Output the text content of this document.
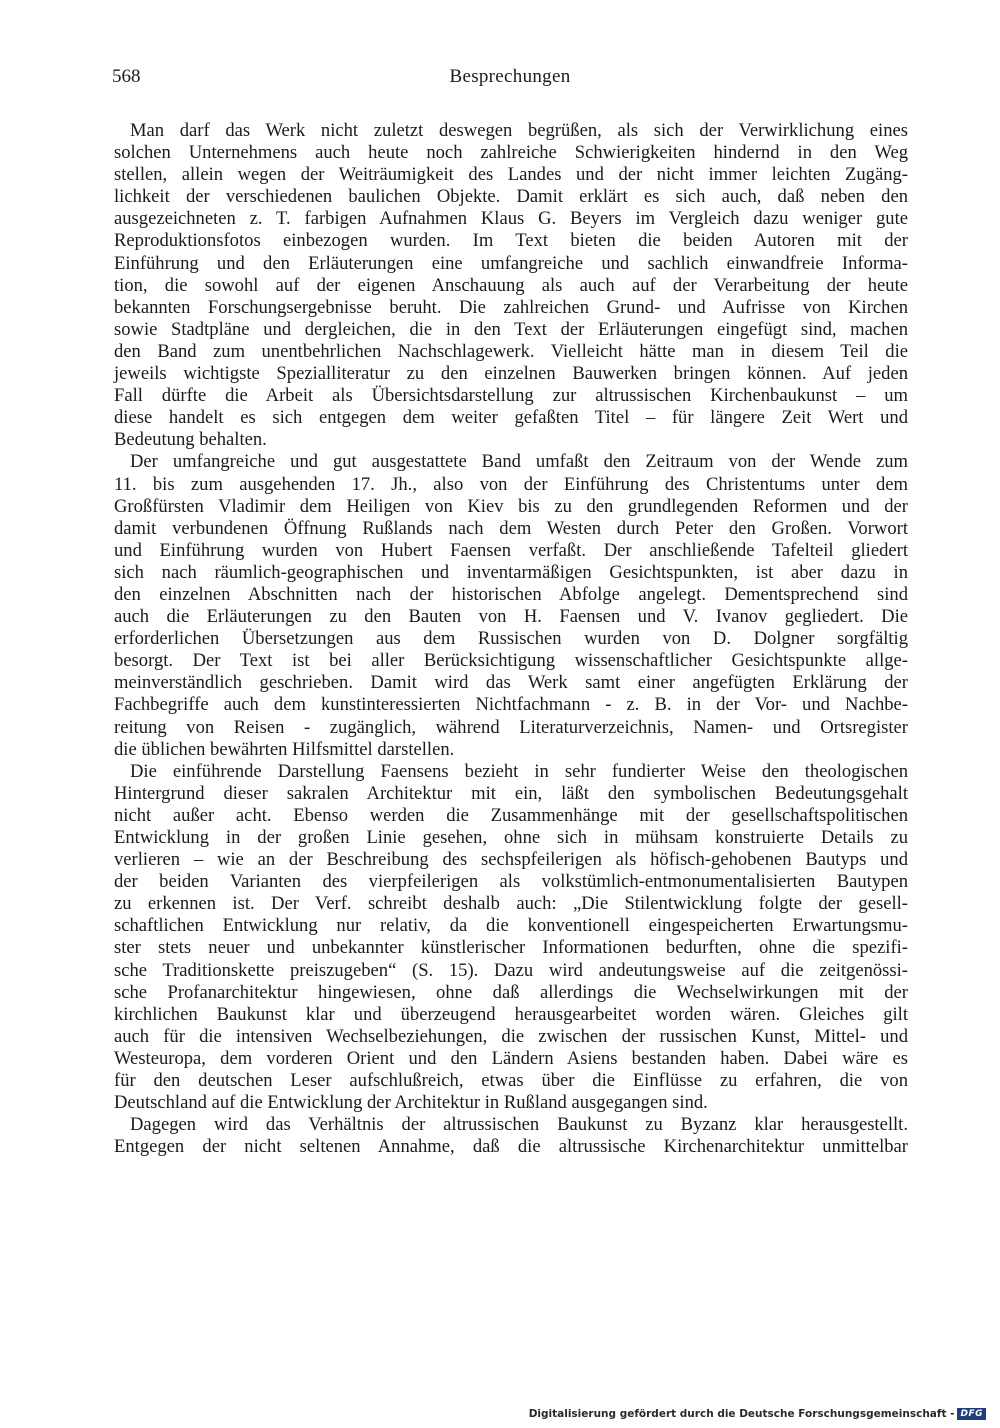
568	Besprechungen
Man darf das Werk nicht zuletzt deswegen begrüßen, als sich der Verwirklichung eines
solchen Unternehmens auch heute noch zahlreiche Schwierigkeiten hindernd in den Weg
stellen, allein wegen der Weiträumigkeit des Landes und der nicht immer leichten Zugäng-
lichkeit der verschiedenen baulichen Objekte. Damit erklärt es sich auch, daß neben den
ausgezeichneten z. T. farbigen Aufnahmen Klaus G. Beyers im Vergleich dazu weniger gute
Reproduktionsfotos einbezogen wurden. Im Text bieten die beiden Autoren mit der
Einführung und den Erläuterungen eine umfangreiche und sachlich einwandfreie Informa-
tion, die sowohl auf der eigenen Anschauung als auch auf der Verarbeitung der heute
bekannten Forschungsergebnisse beruht. Die zahlreichen Grund- und Aufrisse von Kirchen
sowie Stadtpläne und dergleichen, die in den Text der Erläuterungen eingefügt sind, machen
den Band zum unentbehrlichen Nachschlagewerk. Vielleicht hätte man in diesem Teil die
jeweils wichtigste Spezialliteratur zu den einzelnen Bauwerken bringen können. Auf jeden
Fall dürfte die Arbeit als Übersichtsdarstellung zur altrussischen Kirchenbaukunst – um
diese handelt es sich entgegen dem weiter gefaßten Titel – für längere Zeit Wert und
Bedeutung behalten.
Der umfangreiche und gut ausgestattete Band umfaßt den Zeitraum von der Wende zum
11. bis zum ausgehenden 17. Jh., also von der Einführung des Christentums unter dem
Großfürsten Vladimir dem Heiligen von Kiev bis zu den grundlegenden Reformen und der
damit verbundenen Öffnung Rußlands nach dem Westen durch Peter den Großen. Vorwort
und Einführung wurden von Hubert Faensen verfaßt. Der anschließende Tafelteil gliedert
sich nach räumlich-geographischen und inventarmäßigen Gesichtspunkten, ist aber dazu in
den einzelnen Abschnitten nach der historischen Abfolge angelegt. Dementsprechend sind
auch die Erläuterungen zu den Bauten von H. Faensen und V. Ivanov gegliedert. Die
erforderlichen Übersetzungen aus dem Russischen wurden von D. Dolgner sorgfältig
besorgt. Der Text ist bei aller Berücksichtigung wissenschaftlicher Gesichtspunkte allge-
meinverständlich geschrieben. Damit wird das Werk samt einer angefügten Erklärung der
Fachbegriffe auch dem kunstinteressierten Nichtfachmann - z. B. in der Vor- und Nachbe-
reitung von Reisen - zugänglich, während Literaturverzeichnis, Namen- und Ortsregister
die üblichen bewährten Hilfsmittel darstellen.
Die einführende Darstellung Faensens bezieht in sehr fundierter Weise den theologischen
Hintergrund dieser sakralen Architektur mit ein, läßt den symbolischen Bedeutungsgehalt
nicht außer acht. Ebenso werden die Zusammenhänge mit der gesellschaftspolitischen
Entwicklung in der großen Linie gesehen, ohne sich in mühsam konstruierte Details zu
verlieren – wie an der Beschreibung des sechspfeilerigen als höfisch-gehobenen Bautyps und
der beiden Varianten des vierpfeilerigen als volkstümlich-entmonumentalisierten Bautypen
zu erkennen ist. Der Verf. schreibt deshalb auch: „Die Stilentwicklung folgte der gesell-
schaftlichen Entwicklung nur relativ, da die konventionell eingespeicherten Erwartungsmu-
ster stets neuer und unbekannter künstlerischer Informationen bedurften, ohne die spezifi-
sche Traditionskette preiszugeben“ (S. 15). Dazu wird andeutungsweise auf die zeitgenössi-
sche Profanarchitektur hingewiesen, ohne daß allerdings die Wechselwirkungen mit der
kirchlichen Baukunst klar und überzeugend herausgearbeitet worden wären. Gleiches gilt
auch für die intensiven Wechselbeziehungen, die zwischen der russischen Kunst, Mittel- und
Westeuropa, dem vorderen Orient und den Ländern Asiens bestanden haben. Dabei wäre es
für den deutschen Leser aufschlußreich, etwas über die Einflüsse zu erfahren, die von
Deutschland auf die Entwicklung der Architektur in Rußland ausgegangen sind.
Dagegen wird das Verhältnis der altrussischen Baukunst zu Byzanz klar herausgestellt.
Entgegen der nicht seltenen Annahme, daß die altrussische Kirchenarchitektur unmittelbar
Digitalisierung gefördert durch die Deutsche Forschungsgemeinschaft - DFG
